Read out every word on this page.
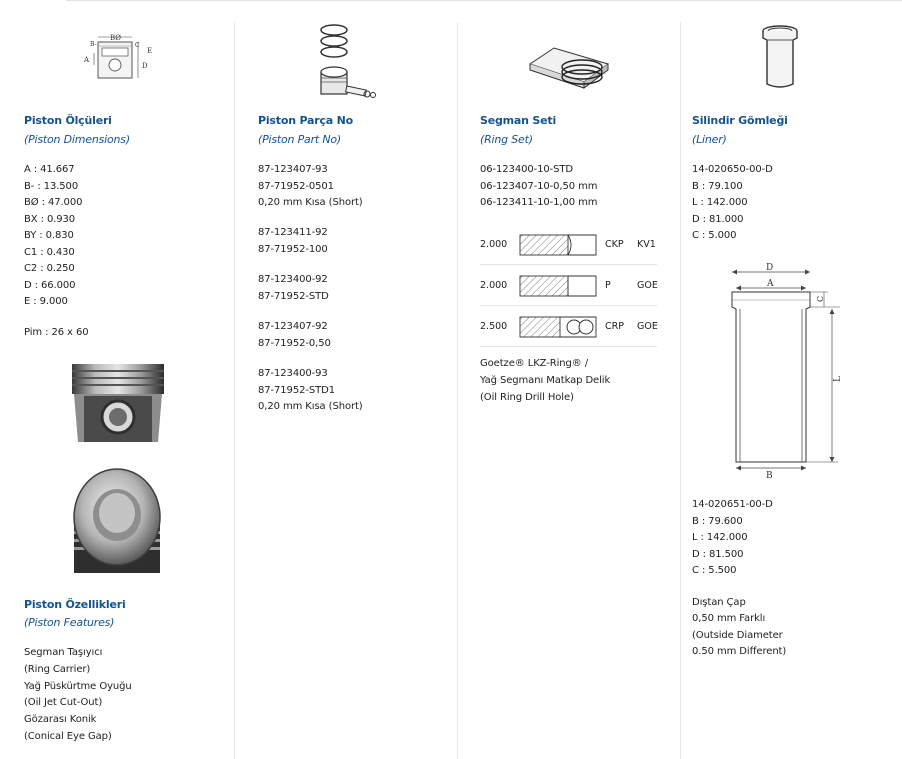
BØ
B-
A
C
E
D
Piston Ölçüleri
(Piston Dimensions)
A : 41.667
B- : 13.500
BØ : 47.000
BX : 0.930
BY : 0.830
C1 : 0.430
C2 : 0.250
D : 66.000
E : 9.000
Pim : 26 x 60
Piston Özellikleri
(Piston Features)
Segman Taşıyıcı
(Ring Carrier)
Yağ Püskürtme Oyuğu
(Oil Jet Cut-Out)
Gözarası Konik
(Conical Eye Gap)
Piston Parça No
(Piston Part No)
87-123407-93
87-71952-0501
0,20 mm Kısa (Short)
87-123411-92
87-71952-100
87-123400-92
87-71952-STD
87-123407-92
87-71952-0,50
87-123400-93
87-71952-STD1
0,20 mm Kısa (Short)
Segman Seti
(Ring Set)
06-123400-10-STD
06-123407-10-0,50 mm
06-123411-10-1,00 mm
2.000	CKP KV1
2.000	P	GOE
2.500	CRP GOE
Goetze® LKZ-Ring® /
Yağ Segmanı Matkap Delik
(Oil Ring Drill Hole)
Silindir Gömleği
(Liner)
14-020650-00-D
B : 79.100
L : 142.000
D : 81.000
C : 5.000
D
A
C
L
B
14-020651-00-D
B : 79.600
L : 142.000
D : 81.500
C : 5.500
Dıştan Çap
0,50 mm Farklı
(Outside Diameter
0.50 mm Different)
